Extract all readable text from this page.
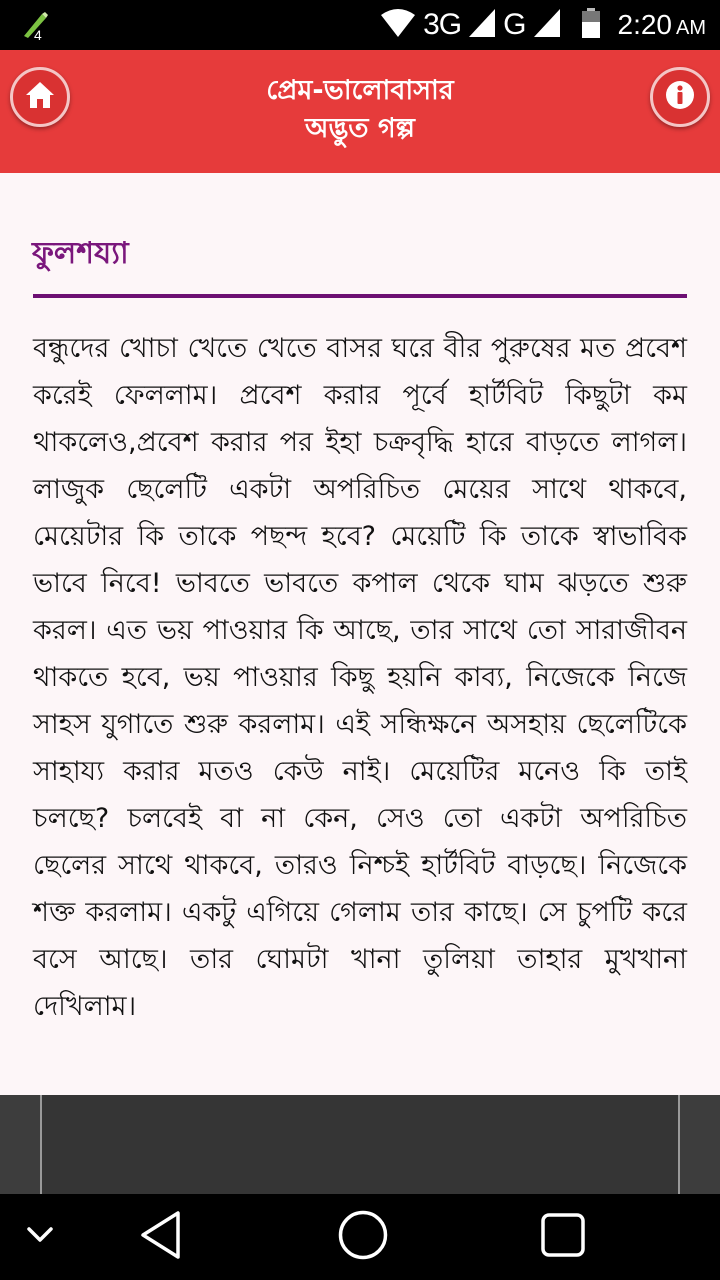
4	3G G	2:20 AM
প্রেম-ভালোবাসার
অদ্ভুত গল্প
ফুলশয্যা
বন্ধুদের খোচা খেতে খেতে বাসর ঘরে বীর পুরুষের মত প্রবেশ করেই ফেললাম। প্রবেশ করার পূর্বে হার্টবিট কিছুটা কম থাকলেও,প্রবেশ করার পর ইহা চক্রবৃদ্ধি হারে বাড়তে লাগল। লাজুক ছেলেটি একটা অপরিচিত মেয়ের সাথে থাকবে, মেয়েটার কি তাকে পছন্দ হবে? মেয়েটি কি তাকে স্বাভাবিক ভাবে নিবে! ভাবতে ভাবতে কপাল থেকে ঘাম ঝড়তে শুরু করল। এত ভয় পাওয়ার কি আছে, তার সাথে তো সারাজীবন থাকতে হবে, ভয় পাওয়ার কিছু হয়নি কাব্য, নিজেকে নিজে সাহস যুগাতে শুরু করলাম। এই সন্ধিক্ষনে অসহায় ছেলেটিকে সাহায্য করার মতও কেউ নাই। মেয়েটির মনেও কি তাই চলছে? চলবেই বা না কেন, সেও তো একটা অপরিচিত ছেলের সাথে থাকবে, তারও নিশ্চই হার্টবিট বাড়ছে। নিজেকে শক্ত করলাম। একটু এগিয়ে গেলাম তার কাছে। সে চুপটি করে বসে আছে। তার ঘোমটা খানা তুলিয়া তাহার মুখখানা দেখিলাম।
